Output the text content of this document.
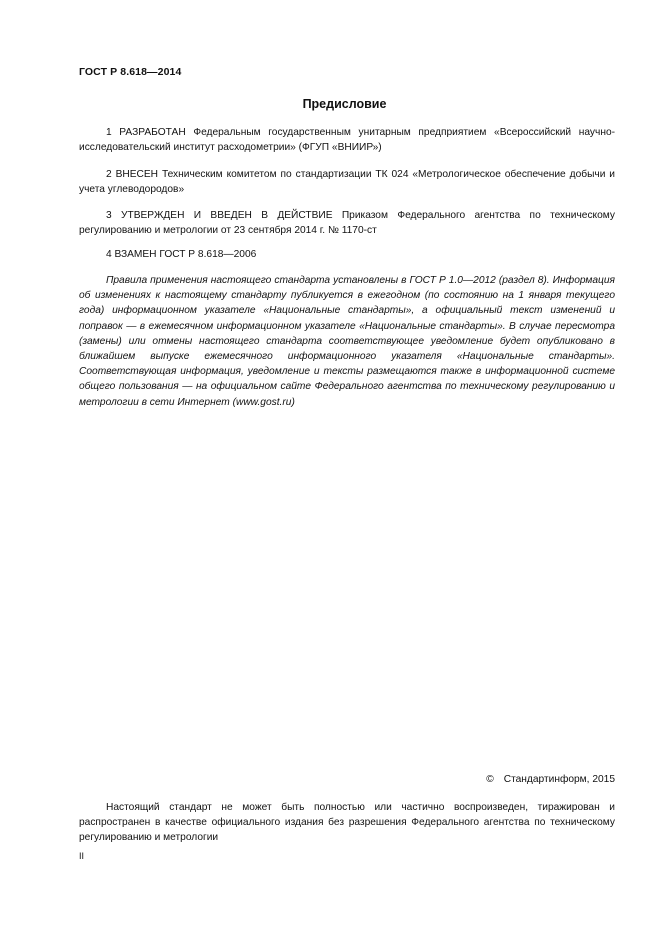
ГОСТ Р 8.618—2014
Предисловие

1 РАЗРАБОТАН Федеральным государственным унитарным предприятием «Всероссийский научно-исследовательский институт расходометрии» (ФГУП «ВНИИР»)

2 ВНЕСЕН Техническим комитетом по стандартизации ТК 024 «Метрологическое обеспечение добычи и учета углеводородов»

3 УТВЕРЖДЕН И ВВЕДЕН В ДЕЙСТВИЕ Приказом Федерального агентства по техническому регулированию и метрологии от 23 сентября 2014 г. № 1170-ст

4 ВЗАМЕН ГОСТ Р 8.618—2006

Правила применения настоящего стандарта установлены в ГОСТ Р 1.0—2012 (раздел 8). Информация об изменениях к настоящему стандарту публикуется в ежегодном (по состоянию на 1 января текущего года) информационном указателе «Национальные стандарты», а официальный текст изменений и поправок — в ежемесячном информационном указателе «Национальные стандарты». В случае пересмотра (замены) или отмены настоящего стандарта соответствующее уведомление будет опубликовано в ближайшем выпуске ежемесячного информационного указателя «Национальные стандарты». Соответствующая информация, уведомление и тексты размещаются также в информационной системе общего пользования — на официальном сайте Федерального агентства по техническому регулированию и метрологии в сети Интернет (www.gost.ru)

© Стандартинформ, 2015

Настоящий стандарт не может быть полностью или частично воспроизведен, тиражирован и распространен в качестве официального издания без разрешения Федерального агентства по техническому регулированию и метрологии

II
